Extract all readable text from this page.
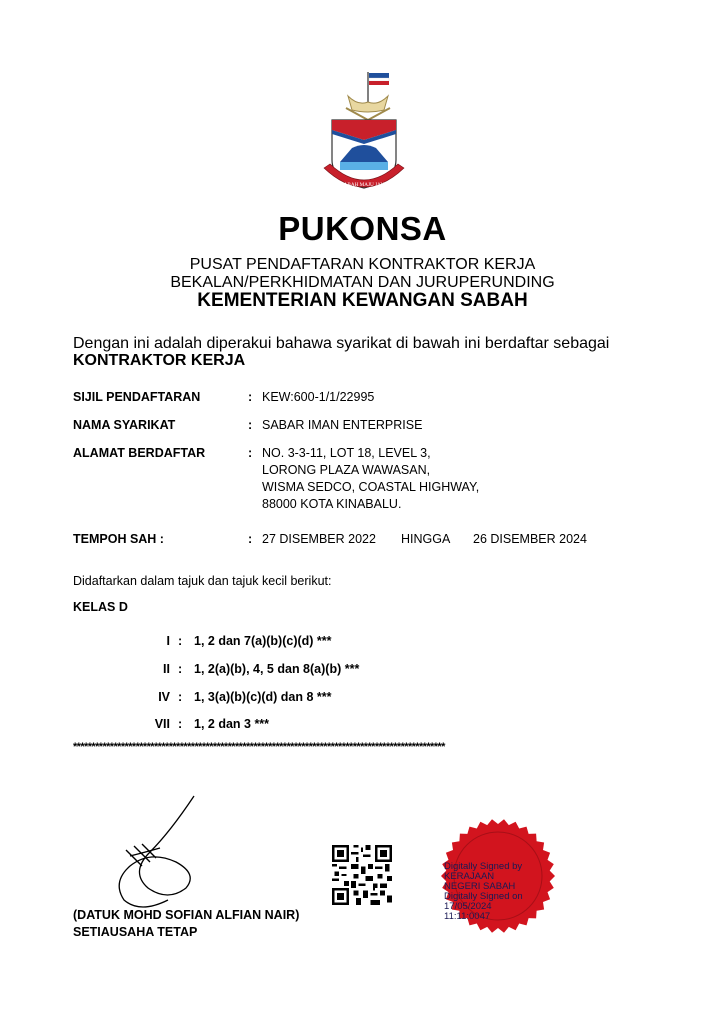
SABAH MAJU JAYA
PUKONSA
PUSAT PENDAFTARAN KONTRAKTOR KERJA
BEKALAN/PERKHIDMATAN DAN JURUPERUNDING
KEMENTERIAN KEWANGAN SABAH
Dengan ini adalah diperakui bahawa syarikat di bawah ini berdaftar sebagai
KONTRAKTOR KERJA
SIJIL PENDAFTARAN	: KEW:600-1/1/22995
NAMA SYARIKAT	: SABAR IMAN ENTERPRISE
ALAMAT BERDAFTAR	: NO. 3-3-11, LOT 18, LEVEL 3,
LORONG PLAZA WAWASAN,
WISMA SEDCO, COASTAL HIGHWAY,
88000 KOTA KINABALU.
TEMPOH SAH :	: 27 DISEMBER 2022 HINGGA 26 DISEMBER 2024
Didaftarkan dalam tajuk dan tajuk kecil berikut:
KELAS D
I : 1, 2 dan 7(a)(b)(c)(d) ***
II : 1, 2(a)(b), 4, 5 dan 8(a)(b) ***
IV : 1, 3(a)(b)(c)(d) dan 8 ***
VII : 1, 2 dan 3 ***
*****************************************************************************************************
(DATUK MOHD SOFIAN ALFIAN NAIR)
SETIAUSAHA TETAP
Digitally Signed by
KERAJAAN
NEGERI SABAH
Digitally Signed on
17/05/2024
11:11:0047
